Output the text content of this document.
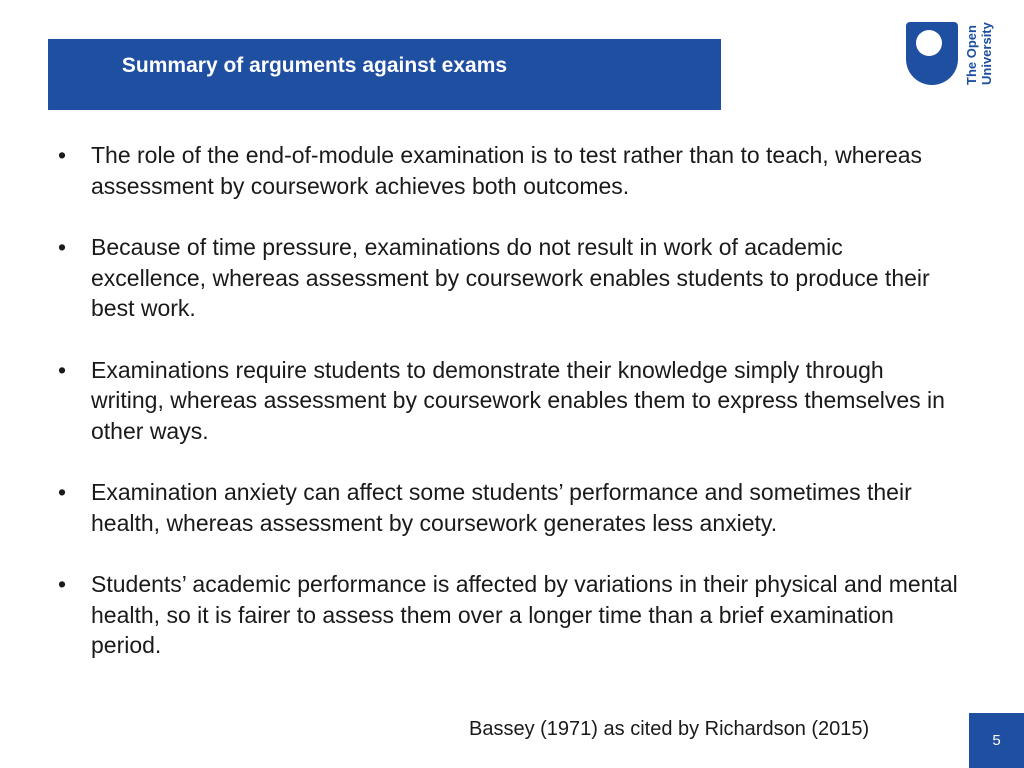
Summary of arguments against exams	The Open University
• The role of the end-of-module examination is to test rather than to teach, whereas assessment by coursework achieves both outcomes.
• Because of time pressure, examinations do not result in work of academic excellence, whereas assessment by coursework enables students to produce their best work.
• Examinations require students to demonstrate their knowledge simply through writing, whereas assessment by coursework enables them to express themselves in other ways.
• Examination anxiety can affect some students’ performance and sometimes their health, whereas assessment by coursework generates less anxiety.
• Students’ academic performance is affected by variations in their physical and mental health, so it is fairer to assess them over a longer time than a brief examination period.
Bassey (1971) as cited by Richardson (2015)
5
